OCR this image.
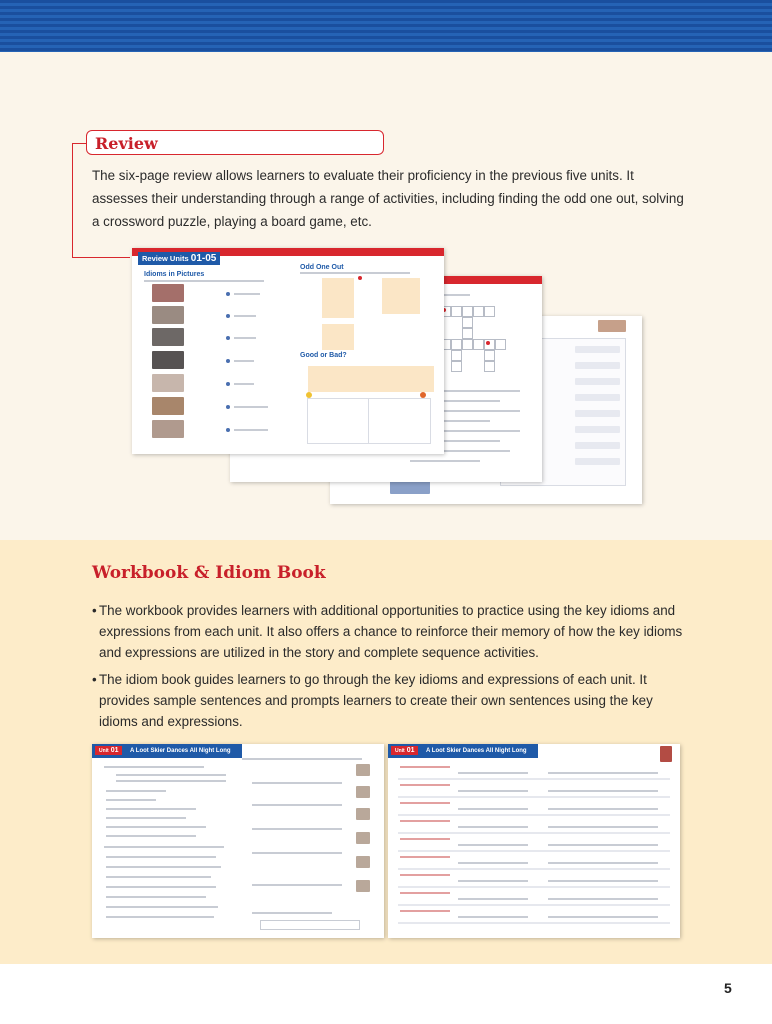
Review

The six-page review allows learners to evaluate their proficiency in the previous five units. It assesses their understanding through a range of activities, including finding the odd one out, solving a crossword puzzle, playing a board game, etc.

Review Units 01-05
Idioms in Pictures
Odd One Out
Good or Bad?
Workbook & Idiom Book
• The workbook provides learners with additional opportunities to practice using the key idioms and expressions from each unit. It also offers a chance to reinforce their memory of how the key idioms and expressions are utilized in the story and complete sequence activities.
• The idiom book guides learners to go through the key idioms and expressions of each unit. It provides sample sentences and prompts learners to create their own sentences using the key idioms and expressions.
Unit 01	A Loot Skier Dances All Night Long	Unit 01	A Loot Skier Dances All Night Long
5
